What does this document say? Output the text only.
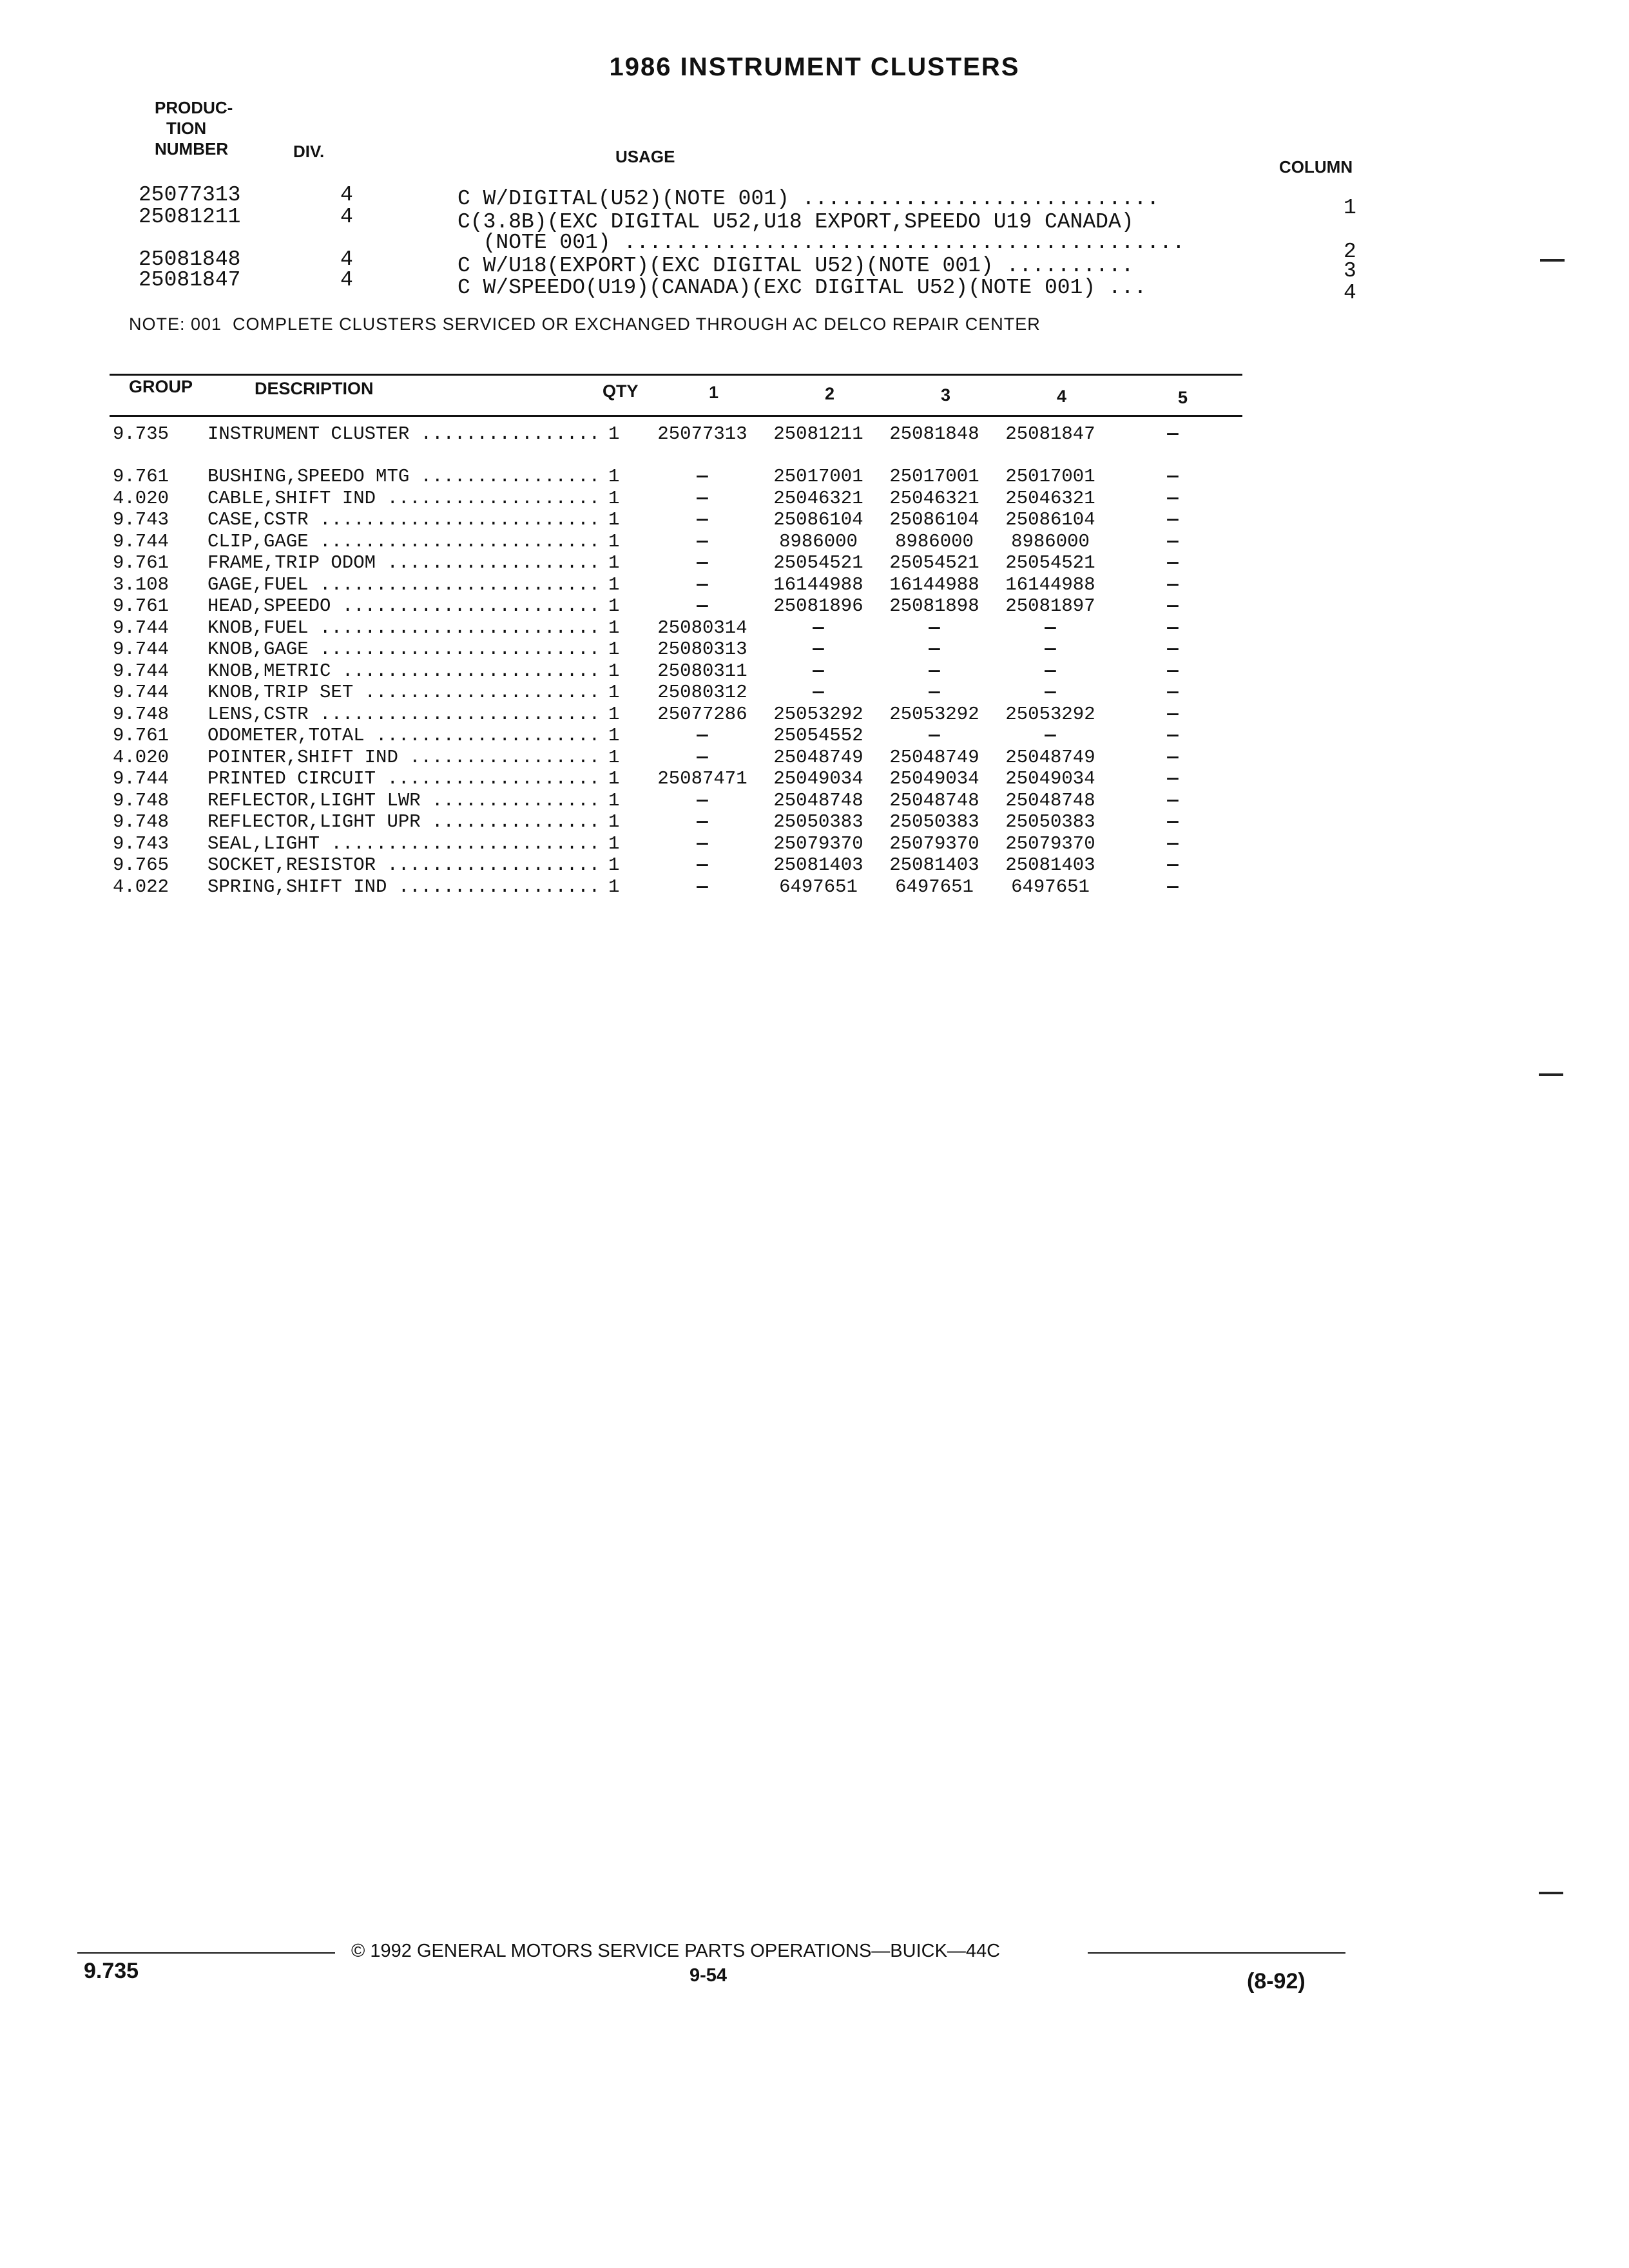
1986 INSTRUMENT CLUSTERS
PRODUC-
TION
NUMBER	DIV.	USAGE
COLUMN
25077313	4	C W/DIGITAL(U52)(NOTE 001) ............................	1
25081211	4	C(3.8B)(EXC DIGITAL U52,U18 EXPORT,SPEEDO U19 CANADA)
(NOTE 001) ............................................	2
25081848	4	C W/U18(EXPORT)(EXC DIGITAL U52)(NOTE 001) ..........	3
25081847	4	C W/SPEEDO(U19)(CANADA)(EXC DIGITAL U52)(NOTE 001) ...	4
NOTE: 001  COMPLETE CLUSTERS SERVICED OR EXCHANGED THROUGH AC DELCO REPAIR CENTER
GROUP	DESCRIPTION	QTY	1	2	3	4	5
9.735 INSTRUMENT CLUSTER .....	1	25077313	25081211	25081848	25081847	—
9.761 BUSHING,SPEEDO MTG .....	1	—	25017001	25017001	25017001	—
4.020 CABLE,SHIFT IND .....	1	—	25046321	25046321	25046321	—
9.743 CASE,CSTR .....	1	—	25086104	25086104	25086104	—
9.744 CLIP,GAGE .....	1	—	8986000	8986000	8986000	—
9.761 FRAME,TRIP ODOM .....	1	—	25054521	25054521	25054521	—
3.108 GAGE,FUEL .....	1	—	16144988	16144988	16144988	—
9.761 HEAD,SPEEDO .....	1	—	25081896	25081898	25081897	—
9.744 KNOB,FUEL .....	1	25080314	—	—	—	—
9.744 KNOB,GAGE .....	1	25080313	—	—	—	—
9.744 KNOB,METRIC .....	1	25080311	—	—	—	—
9.744 KNOB,TRIP SET .....	1	25080312	—	—	—	—
9.748 LENS,CSTR .....	1	25077286	25053292	25053292	25053292	—
9.761 ODOMETER,TOTAL .....	1	—	25054552	—	—	—
4.020 POINTER,SHIFT IND .....	1	—	25048749	25048749	25048749	—
9.744 PRINTED CIRCUIT .....	1	25087471	25049034	25049034	25049034	—
9.748 REFLECTOR,LIGHT LWR .....	1	—	25048748	25048748	25048748	—
9.748 REFLECTOR,LIGHT UPR .....	1	—	25050383	25050383	25050383	—
9.743 SEAL,LIGHT .....	1	—	25079370	25079370	25079370	—
9.765 SOCKET,RESISTOR .....	1	—	25081403	25081403	25081403	—
4.022 SPRING,SHIFT IND .....	1	—	6497651	6497651	6497651	—
© 1992 GENERAL MOTORS SERVICE PARTS OPERATIONS—BUICK—44C
9.735	9-54	(8-92)
